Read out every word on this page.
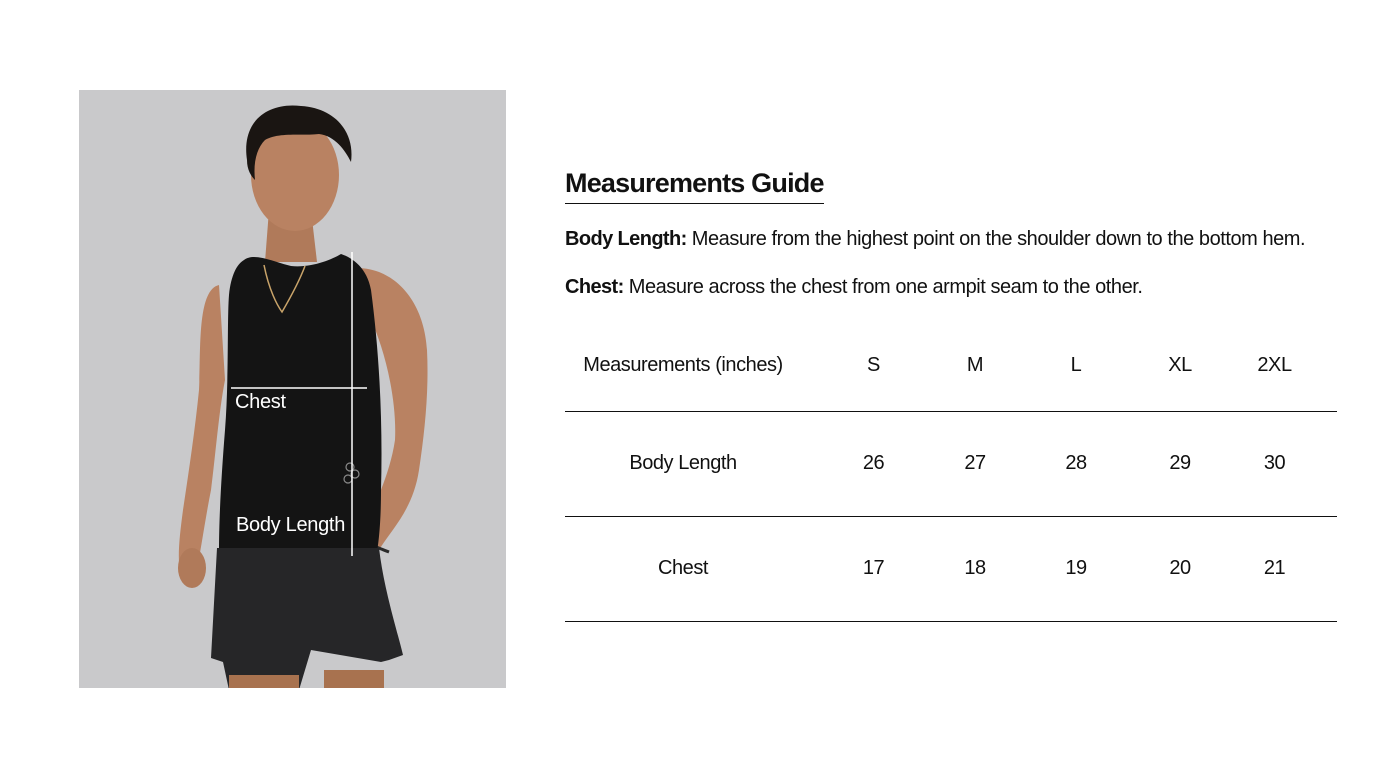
Chest
Body Length
Measurements Guide

Body Length: Measure from the highest point on the shoulder down to the bottom hem.

Chest: Measure across the chest from one armpit seam to the other.

Measurements (inches)	S	M	L	XL	2XL
Body Length	26	27	28	29	30
Chest	17	18	19	20	21
